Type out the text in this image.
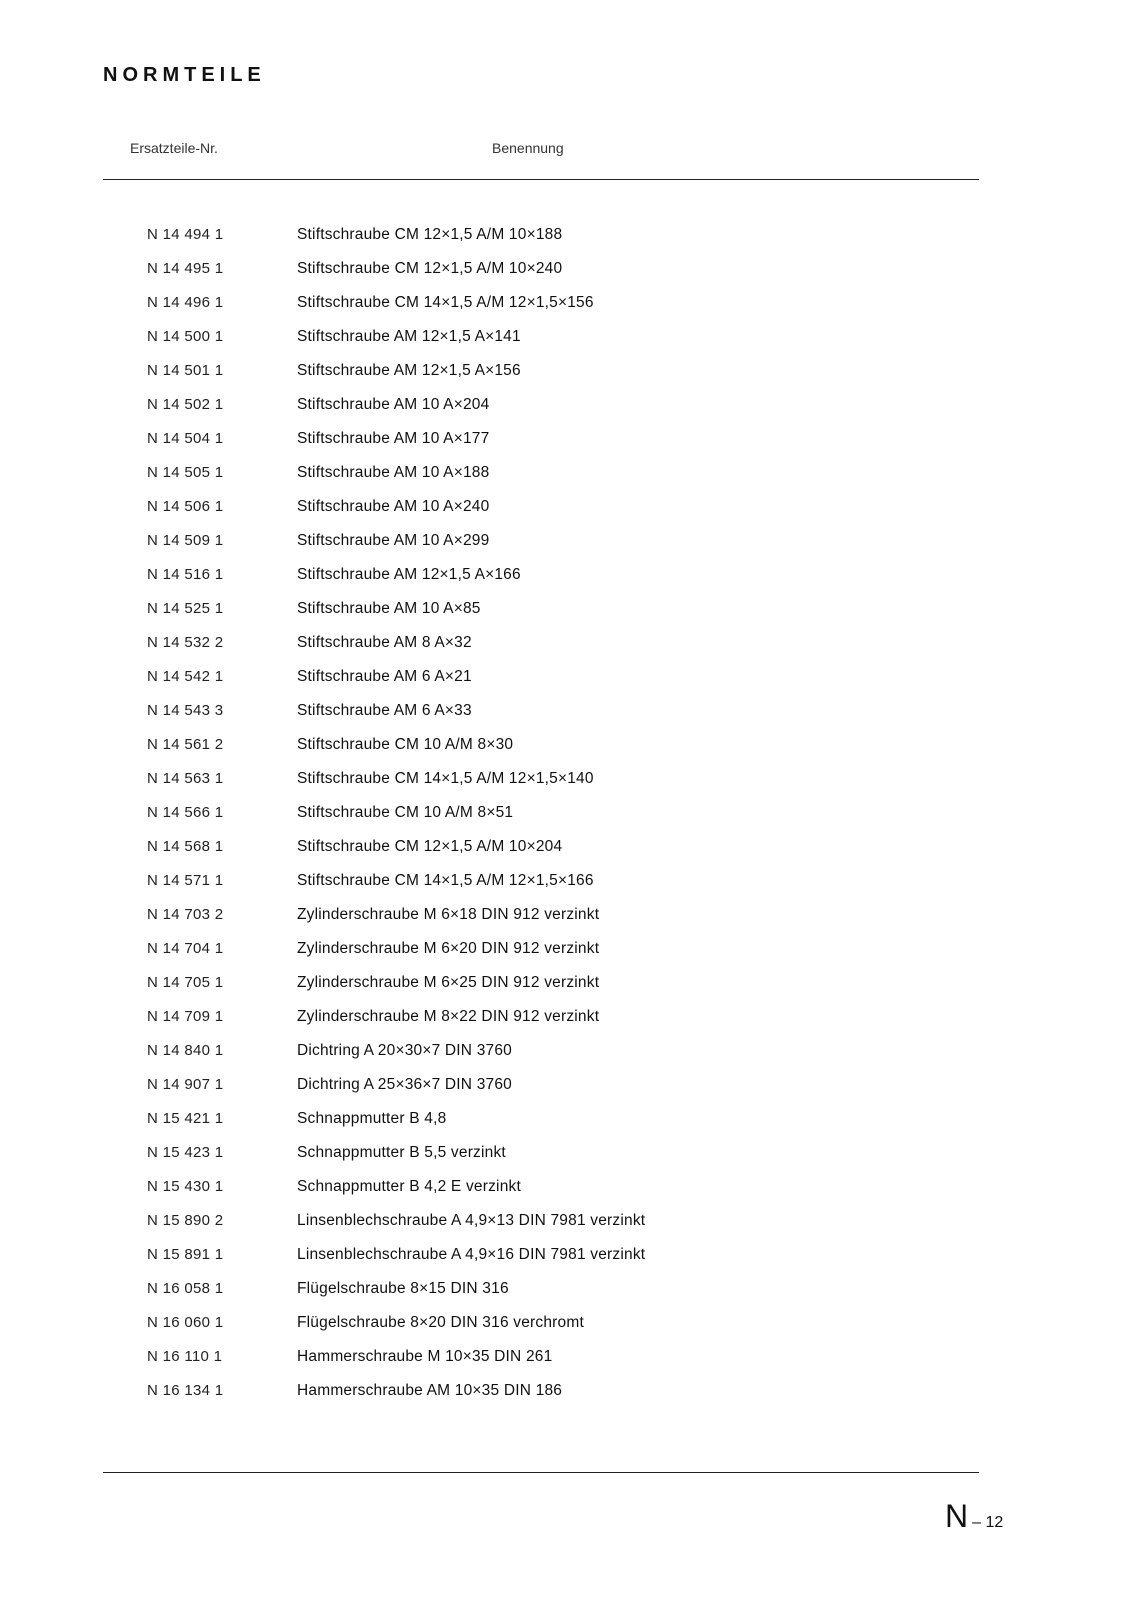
NORMTEILE
Ersatzteile-Nr.	Benennung
N 14 494 1	Stiftschraube CM 12×1,5 A/M 10×188
N 14 495 1	Stiftschraube CM 12×1,5 A/M 10×240
N 14 496 1	Stiftschraube CM 14×1,5 A/M 12×1,5×156
N 14 500 1	Stiftschraube AM 12×1,5 A×141
N 14 501 1	Stiftschraube AM 12×1,5 A×156
N 14 502 1	Stiftschraube AM 10 A×204
N 14 504 1	Stiftschraube AM 10 A×177
N 14 505 1	Stiftschraube AM 10 A×188
N 14 506 1	Stiftschraube AM 10 A×240
N 14 509 1	Stiftschraube AM 10 A×299
N 14 516 1	Stiftschraube AM 12×1,5 A×166
N 14 525 1	Stiftschraube AM 10 A×85
N 14 532 2	Stiftschraube AM 8 A×32
N 14 542 1	Stiftschraube AM 6 A×21
N 14 543 3	Stiftschraube AM 6 A×33
N 14 561 2	Stiftschraube CM 10 A/M 8×30
N 14 563 1	Stiftschraube CM 14×1,5 A/M 12×1,5×140
N 14 566 1	Stiftschraube CM 10 A/M 8×51
N 14 568 1	Stiftschraube CM 12×1,5 A/M 10×204
N 14 571 1	Stiftschraube CM 14×1,5 A/M 12×1,5×166
N 14 703 2	Zylinderschraube M 6×18 DIN 912 verzinkt
N 14 704 1	Zylinderschraube M 6×20 DIN 912 verzinkt
N 14 705 1	Zylinderschraube M 6×25 DIN 912 verzinkt
N 14 709 1	Zylinderschraube M 8×22 DIN 912 verzinkt
N 14 840 1	Dichtring A 20×30×7 DIN 3760
N 14 907 1	Dichtring A 25×36×7 DIN 3760
N 15 421 1	Schnappmutter B 4,8
N 15 423 1	Schnappmutter B 5,5 verzinkt
N 15 430 1	Schnappmutter B 4,2 E verzinkt
N 15 890 2	Linsenblechschraube A 4,9×13 DIN 7981 verzinkt
N 15 891 1	Linsenblechschraube A 4,9×16 DIN 7981 verzinkt
N 16 058 1	Flügelschraube 8×15 DIN 316
N 16 060 1	Flügelschraube 8×20 DIN 316 verchromt
N 16 110 1	Hammerschraube M 10×35 DIN 261
N 16 134 1	Hammerschraube AM 10×35 DIN 186
N – 12
